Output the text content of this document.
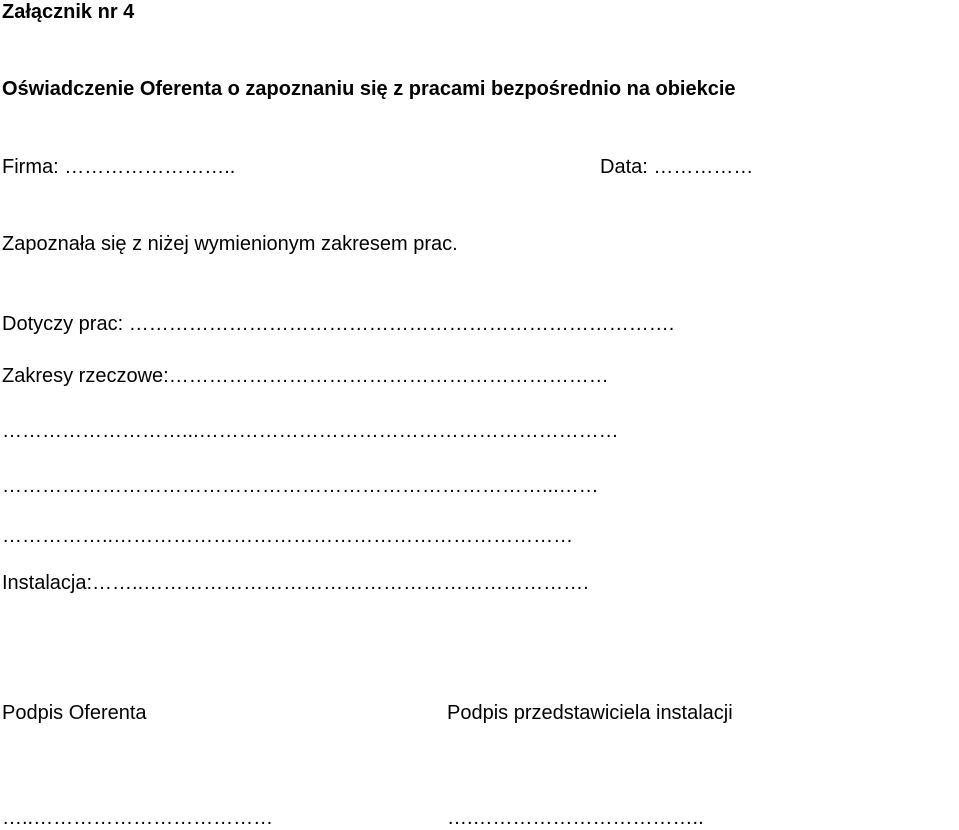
Załącznik nr 4
Oświadczenie Oferenta o zapoznaniu się z pracami bezpośrednio na obiekcie
Firma: ……………………..	Data: ……………
Zapoznała się z niżej wymienionym zakresem prac.
Dotyczy prac: ……………………………………………………………………….
Zakresy rzeczowe:…………………………………………………………
………………………...………………………………………………………
………………………………………………………………………...……
……………..……………………………………………………………
Instalacja:……..………………………………………………………….
Podpis Oferenta	Podpis przedstawiciela instalacji
…..………………………………	….……………………………..
